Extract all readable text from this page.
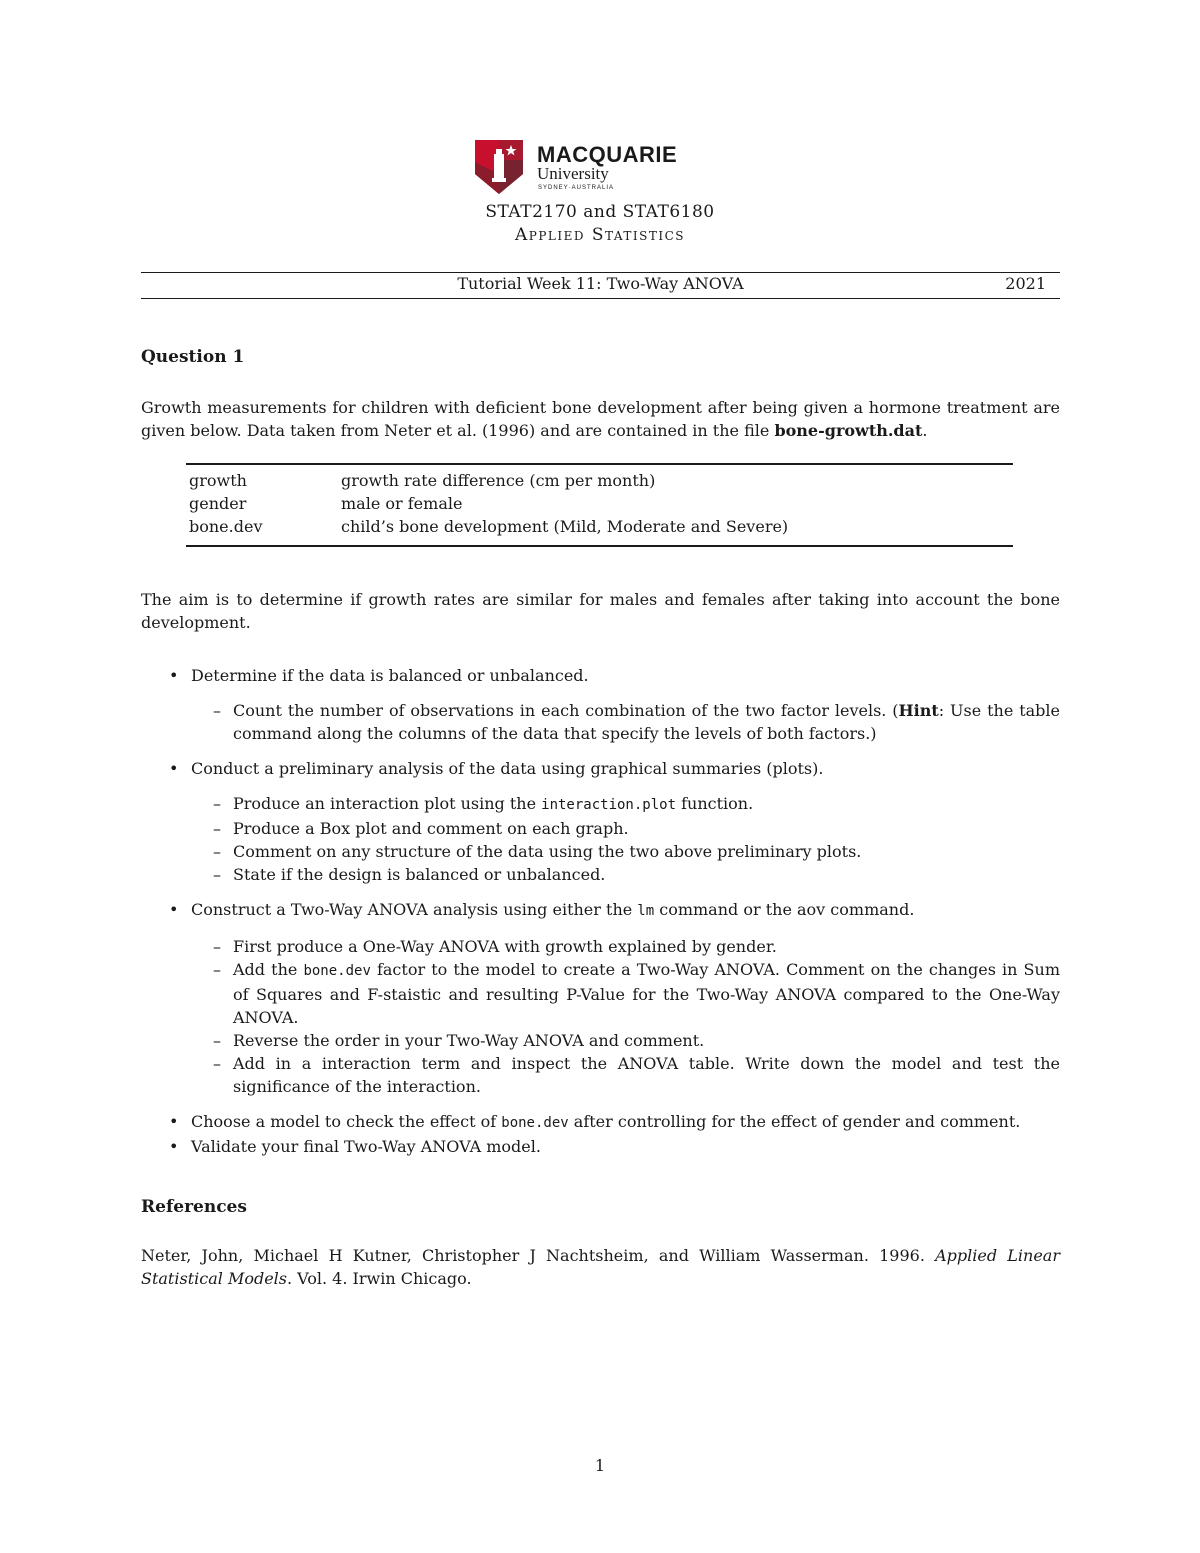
MACQUARIE
University
SYDNEY·AUSTRALIA
STAT2170 and STAT6180
Applied Statistics
Tutorial Week 11: Two-Way ANOVA	2021
Question 1
Growth measurements for children with deficient bone development after being given a hormone treatment are given below. Data taken from Neter et al. (1996) and are contained in the file bone-growth.dat.
growth	growth rate difference (cm per month)
gender	male or female
bone.dev	child’s bone development (Mild, Moderate and Severe)
The aim is to determine if growth rates are similar for males and females after taking into account the bone development.
• Determine if the data is balanced or unbalanced.
– Count the number of observations in each combination of the two factor levels. (Hint: Use the table command along the columns of the data that specify the levels of both factors.)
• Conduct a preliminary analysis of the data using graphical summaries (plots).
– Produce an interaction plot using the interaction.plot function.
– Produce a Box plot and comment on each graph.
– Comment on any structure of the data using the two above preliminary plots.
– State if the design is balanced or unbalanced.
• Construct a Two-Way ANOVA analysis using either the lm command or the aov command.
– First produce a One-Way ANOVA with growth explained by gender.
– Add the bone.dev factor to the model to create a Two-Way ANOVA. Comment on the changes in Sum of Squares and F-staistic and resulting P-Value for the Two-Way ANOVA compared to the One-Way ANOVA.
– Reverse the order in your Two-Way ANOVA and comment.
– Add in a interaction term and inspect the ANOVA table. Write down the model and test the significance of the interaction.
• Choose a model to check the effect of bone.dev after controlling for the effect of gender and comment.
• Validate your final Two-Way ANOVA model.
References
Neter, John, Michael H Kutner, Christopher J Nachtsheim, and William Wasserman. 1996. Applied Linear Statistical Models. Vol. 4. Irwin Chicago.
1
